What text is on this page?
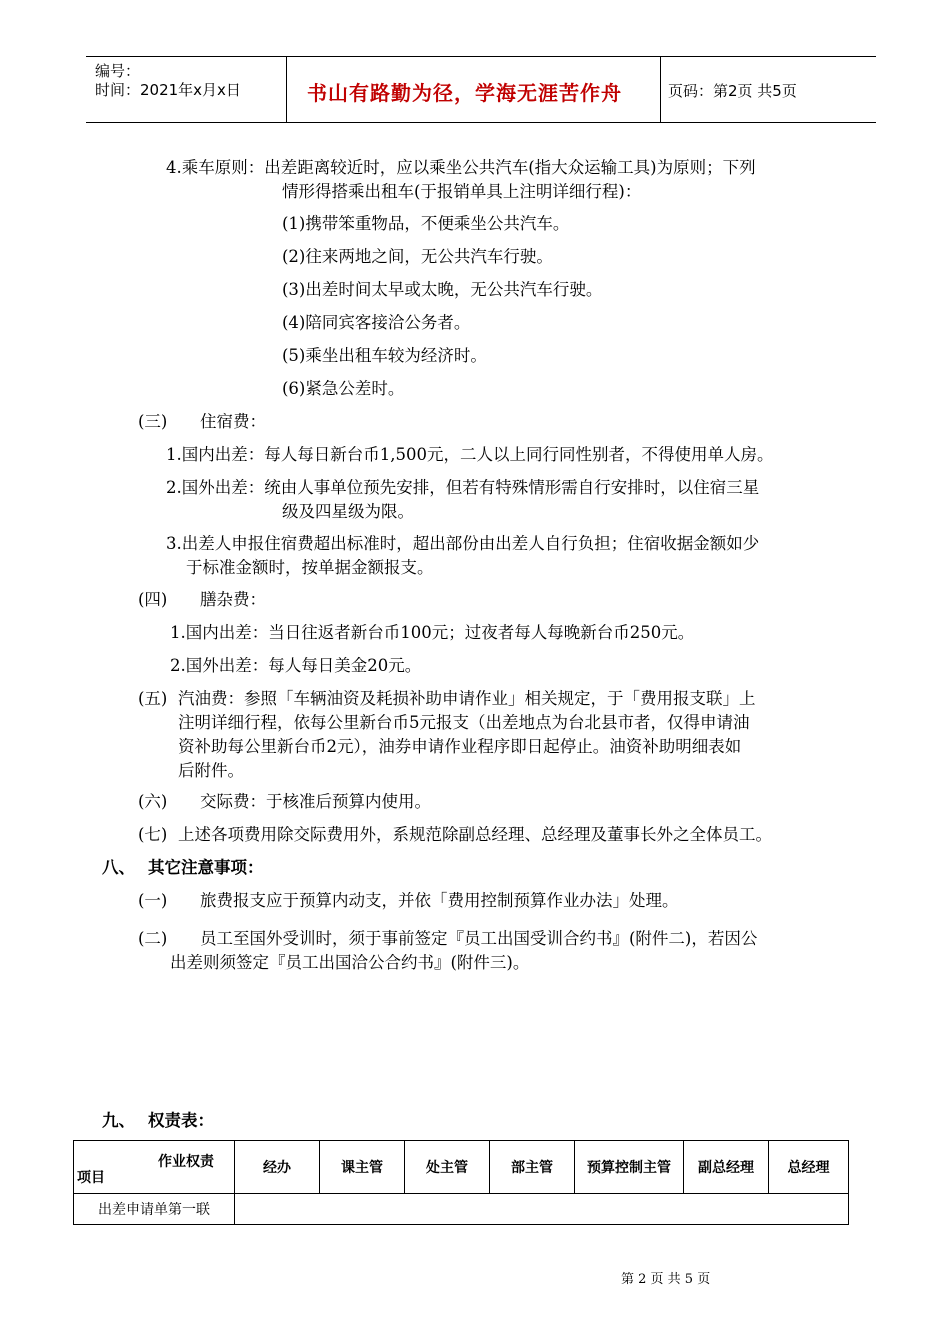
编号：
时间：2021年x月x日	书山有路勤为径，学海无涯苦作舟	页码：第2页 共5页
4.乘车原则：出差距离较近时，应以乘坐公共汽车(指大众运输工具)为原则；下列
情形得搭乘出租车(于报销单具上注明详细行程)：
(1)携带笨重物品，不便乘坐公共汽车。
(2)往来两地之间，无公共汽车行驶。
(3)出差时间太早或太晚，无公共汽车行驶。
(4)陪同宾客接洽公务者。
(5)乘坐出租车较为经济时。
(6)紧急公差时。
(三) 住宿费：
1.国内出差：每人每日新台币1,500元，二人以上同行同性别者，不得使用单人房。
2.国外出差：统由人事单位预先安排，但若有特殊情形需自行安排时，以住宿三星
级及四星级为限。
3.出差人申报住宿费超出标准时，超出部份由出差人自行负担；住宿收据金额如少
于标准金额时，按单据金额报支。
(四) 膳杂费：
1.国内出差：当日往返者新台币100元；过夜者每人每晚新台币250元。
2.国外出差：每人每日美金20元。
(五) 汽油费：参照「车辆油资及耗损补助申请作业」相关规定，于「费用报支联」上
注明详细行程，依每公里新台币5元报支（出差地点为台北县市者，仅得申请油
资补助每公里新台币2元），油券申请作业程序即日起停止。油资补助明细表如
后附件。
(六) 交际费：于核准后预算内使用。
(七) 上述各项费用除交际费用外，系规范除副总经理、总经理及董事长外之全体员工。
八、 其它注意事项：
(一) 旅费报支应于预算内动支，并依「费用控制预算作业办法」处理。
(二) 员工至国外受训时，须于事前签定『员工出国受训合约书』(附件二)，若因公
出差则须签定『员工出国洽公合约书』(附件三)。
九、 权责表：
作业权责
项目	经办	课主管	处主管	部主管	预算控制主管	副总经理	总经理
出差申请单第一联							
第 2 页 共 5 页
